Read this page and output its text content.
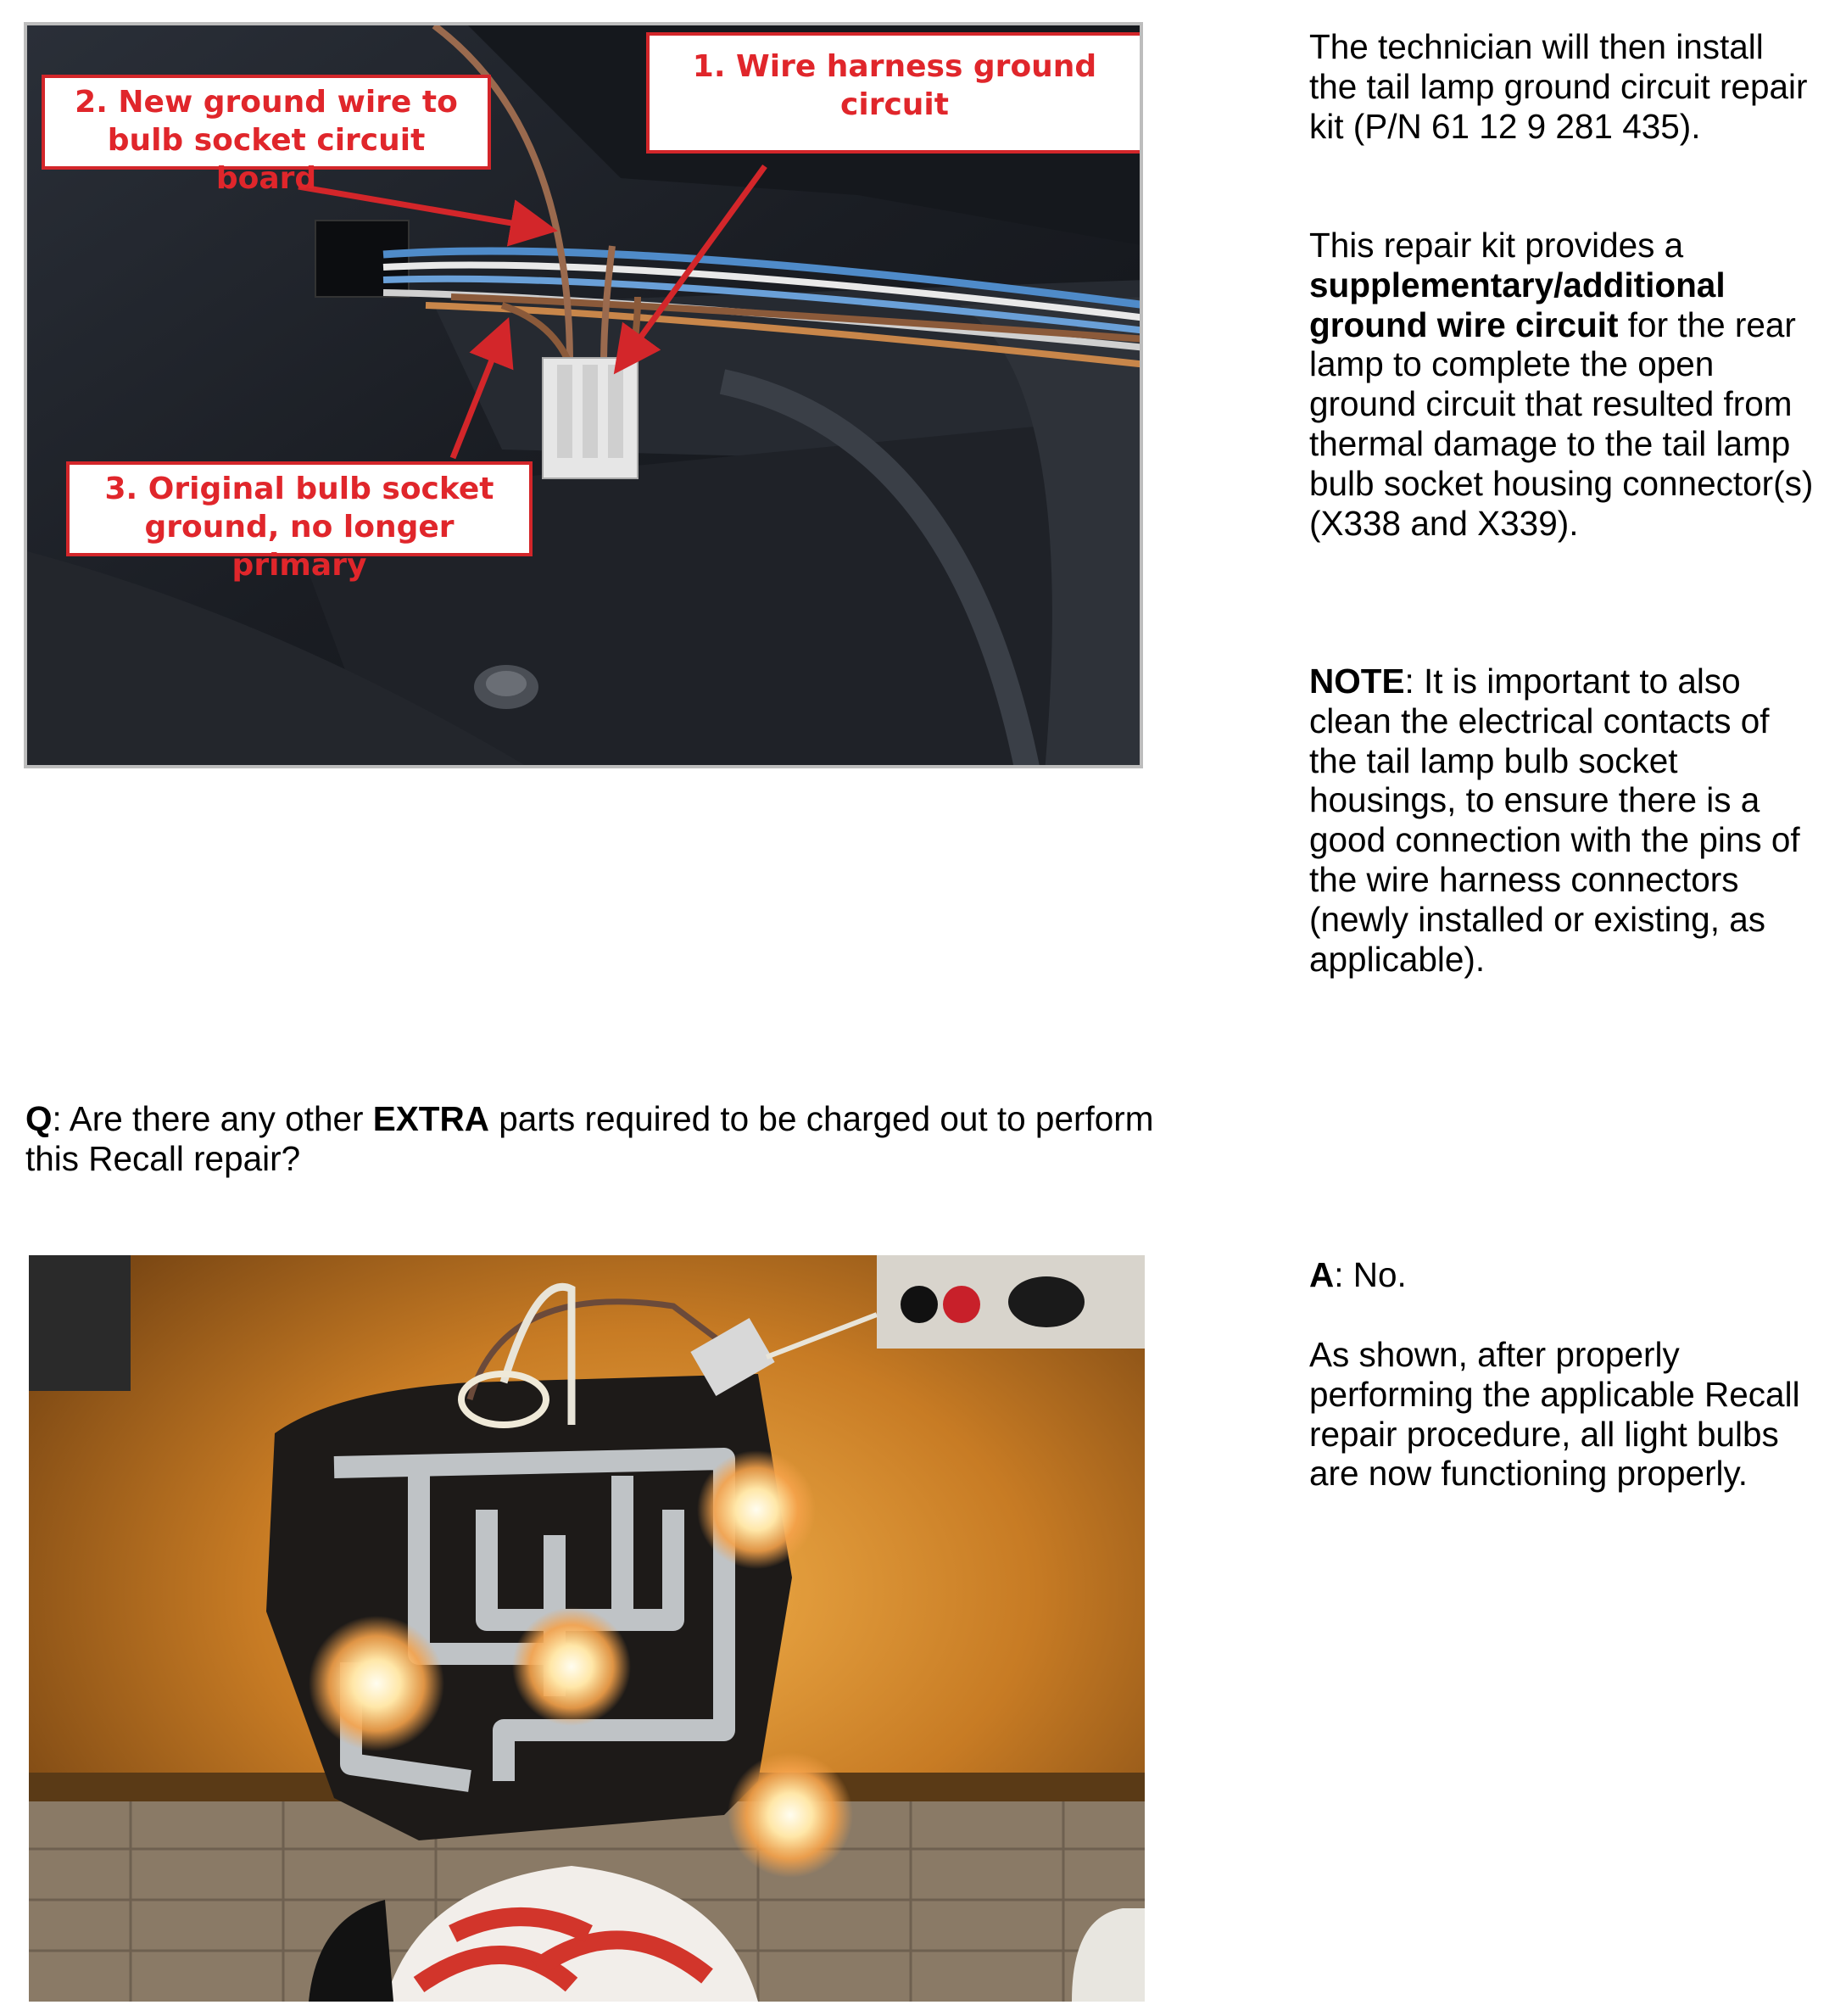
1. Wire harness ground circuit
2. New ground wire to bulb socket circuit board
3. Original bulb socket ground, no longer primary

The technician will then install the tail lamp ground circuit repair kit (P/N 61 12 9 281 435).

This repair kit provides a supplementary/additional ground wire circuit for the rear lamp to complete the open ground circuit that resulted from thermal damage to the tail lamp bulb socket housing connector(s) (X338 and X339).

NOTE: It is important to also clean the electrical contacts of the tail lamp bulb socket housings, to ensure there is a good connection with the pins of the wire harness connectors (newly installed or existing, as applicable).

Q: Are there any other EXTRA parts required to be charged out to perform this Recall repair?

A: No.

As shown, after properly performing the applicable Recall repair procedure, all light bulbs are now functioning properly.
